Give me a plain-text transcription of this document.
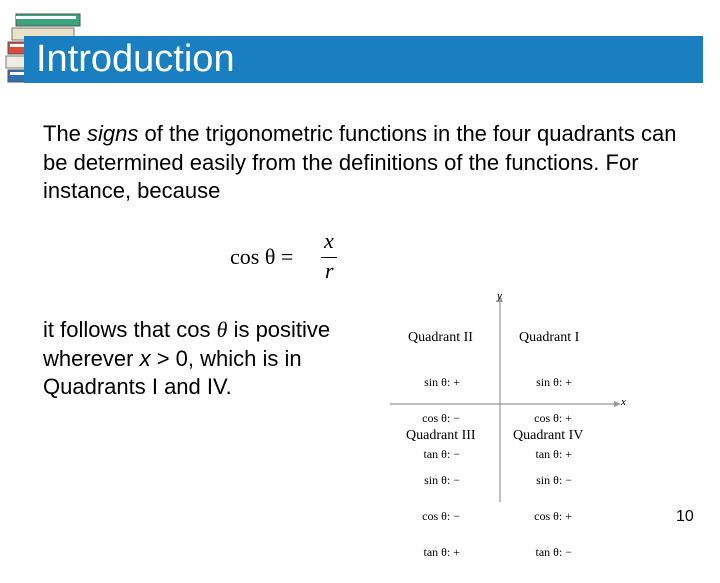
Introduction
The signs of the trigonometric functions in the four quadrants can be determined easily from the definitions of the functions. For instance, because
cos θ =
x
r
it follows that cos θ is positive wherever x > 0, which is in Quadrants I and IV.
y
x
Quadrant II

sin θ: +

cos θ: −

tan θ: −

Quadrant I

sin θ: +

cos θ: +

tan θ: +

Quadrant III

sin θ: −

cos θ: −

tan θ: +

Quadrant IV

sin θ: −

cos θ: +

tan θ: −

10
